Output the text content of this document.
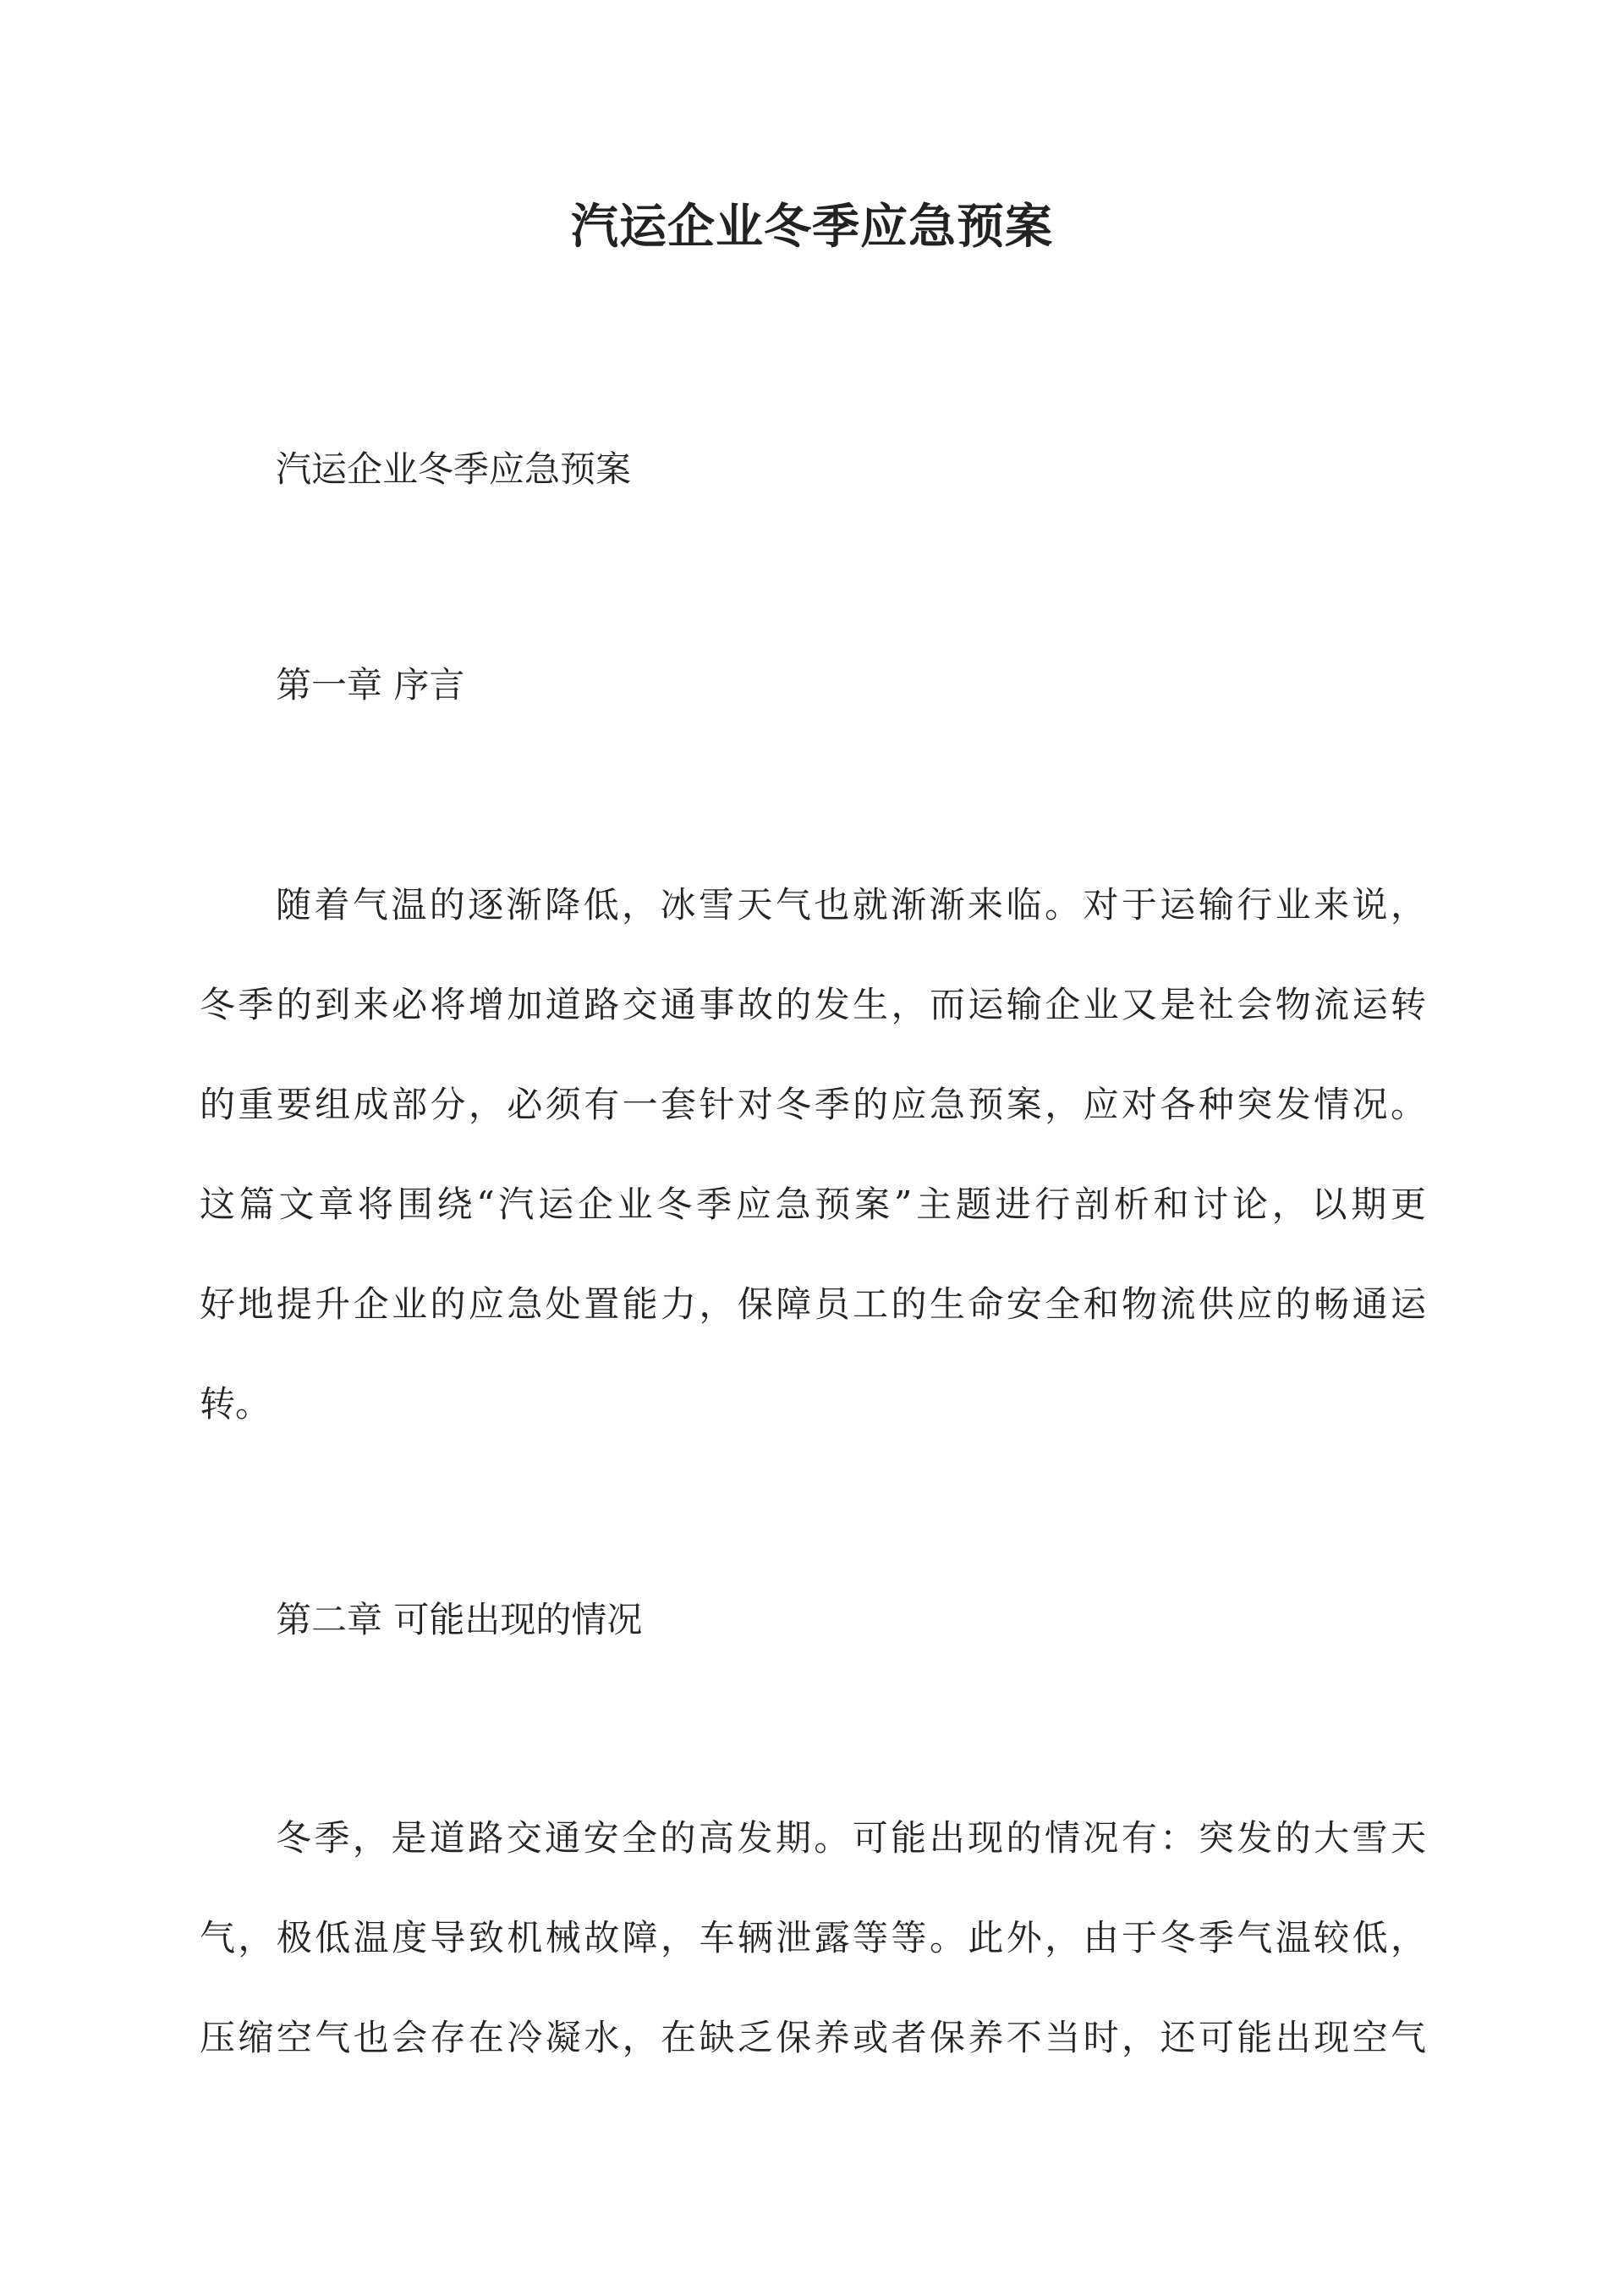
汽运企业冬季应急预案

汽运企业冬季应急预案

第一章 序言

随着气温的逐渐降低，冰雪天气也就渐渐来临。对于运输行业来说，

冬季的到来必将增加道路交通事故的发生，而运输企业又是社会物流运转

的重要组成部分，必须有一套针对冬季的应急预案，应对各种突发情况。

这篇文章将围绕“汽运企业冬季应急预案”主题进行剖析和讨论，以期更

好地提升企业的应急处置能力，保障员工的生命安全和物流供应的畅通运

转。

第二章 可能出现的情况

冬季，是道路交通安全的高发期。可能出现的情况有：突发的大雪天

气，极低温度导致机械故障，车辆泄露等等。此外，由于冬季气温较低，

压缩空气也会存在冷凝水，在缺乏保养或者保养不当时，还可能出现空气
